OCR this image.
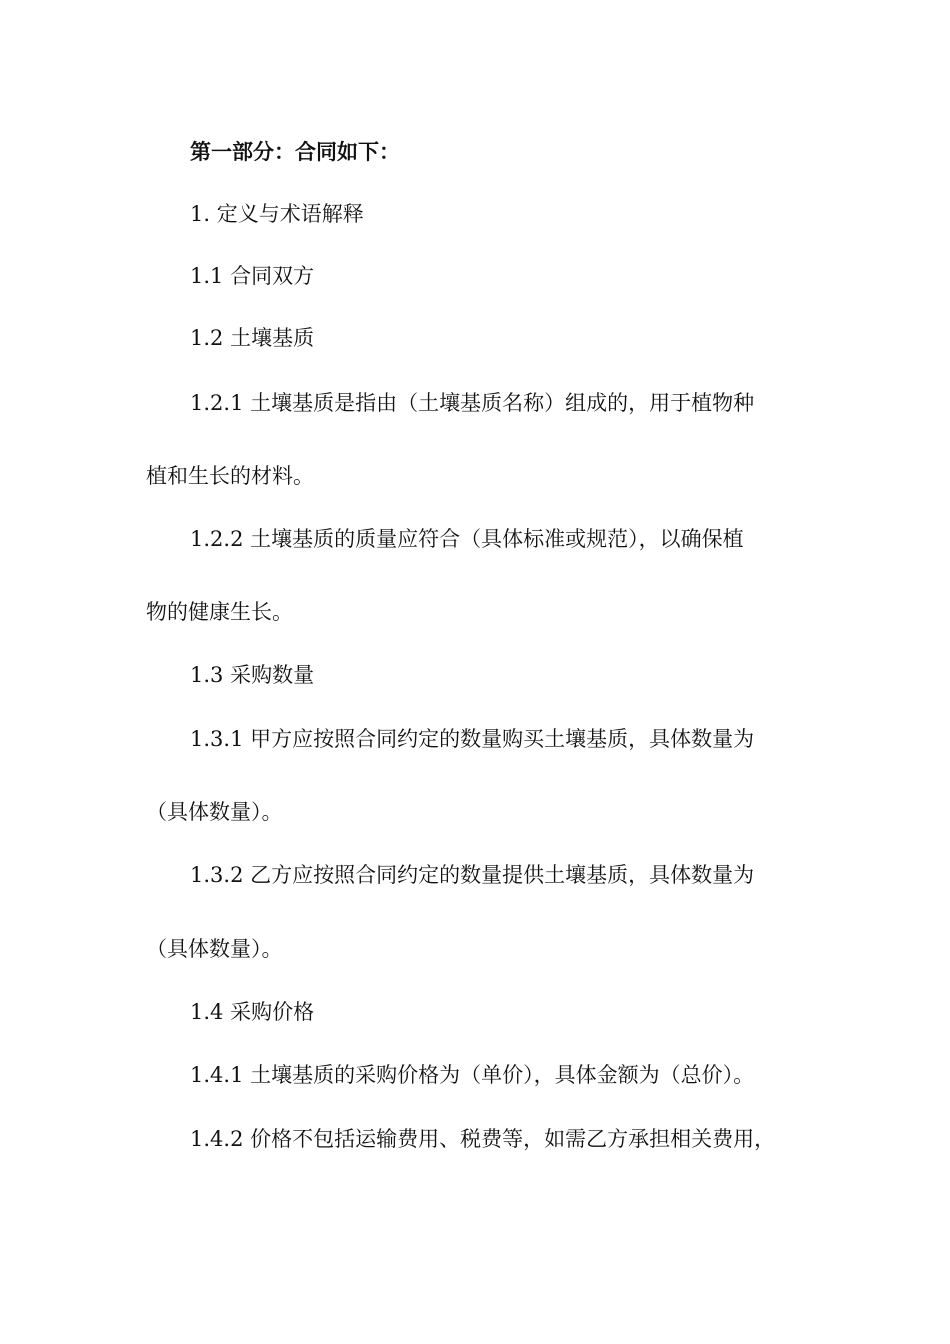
第一部分：合同如下：
1. 定义与术语解释
1.1 合同双方
1.2 土壤基质
1.2.1 土壤基质是指由（土壤基质名称）组成的，用于植物种
植和生长的材料。
1.2.2 土壤基质的质量应符合（具体标准或规范），以确保植
物的健康生长。
1.3 采购数量
1.3.1 甲方应按照合同约定的数量购买土壤基质，具体数量为
（具体数量）。
1.3.2 乙方应按照合同约定的数量提供土壤基质，具体数量为
（具体数量）。
1.4 采购价格
1.4.1 土壤基质的采购价格为（单价），具体金额为（总价）。
1.4.2 价格不包括运输费用、税费等，如需乙方承担相关费用，
